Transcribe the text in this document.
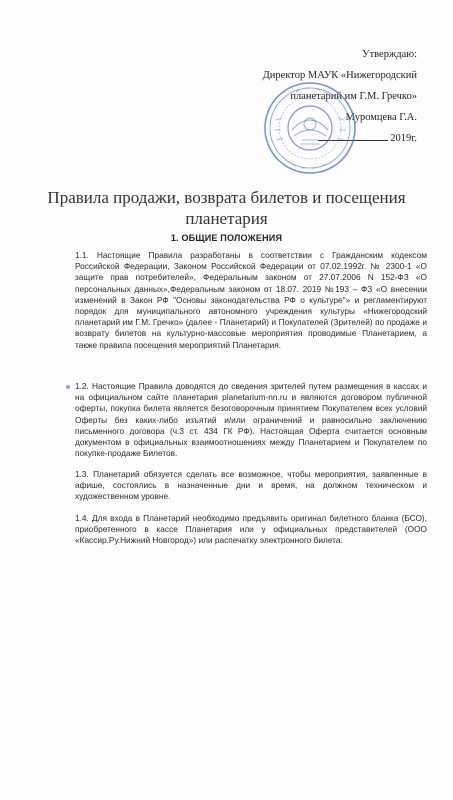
Утверждаю:
Директор МАУК «Нижегородский
планетарий им Г.М. Гречко»
Муромцева Г.А.
2019г.
Правила продажи, возврата билетов и посещения планетария
1. ОБЩИЕ ПОЛОЖЕНИЯ
1.1. Настоящие Правила разработаны в соответствии с Гражданским кодексом Российской Федерации, Законом Российской Федерации от 07.02.1992г. № 2300-1 «О защите прав потребителей», Федеральным законом от 27.07.2006 N 152-ФЗ «О персональных данных»,Федеральным законом от 18.07. 2019 №193 – ФЗ «О внесении изменений в Закон РФ "Основы законодательства РФ о культуре"» и регламентируют порядок для муниципального автономного учреждения культуры «Нижегородский планетарий им Г.М. Гречко» (далее - Планетарий) и Покупателей (Зрителей) по продаже и возврату билетов на культурно-массовые мероприятия проводимые Планетарием, а также правила посещения мероприятий Планетария.
1.2. Настоящие Правила доводятся до сведения зрителей путем размещения в кассах и на официальном сайте планетария planetarium-nn.ru и являются договором публичной оферты, покупка билета является безоговорочным принятием Покупателем всех условий Оферты без каких-либо изъятий и/или ограничений и равносильно заключению письменного договора (ч.3 ст. 434 ГК РФ). Настоящая Оферта считается основным документом в официальных взаимоотношениях между Планетарием и Покупателем по покупке-продаже Билетов.
1.3. Планетарий обязуется сделать все возможное, чтобы мероприятия, заявленные в афише, состоялись в назначенные дни и время, на должном техническом и художественном уровне.
1.4. Для входа в Планетарий необходимо предъявить оригинал билетного бланка (БСО), приобретенного в кассе Планетария или у официальных представителей (ООО «Кассир.Ру.Нижний Новгород») или распечатку электронного билета.
